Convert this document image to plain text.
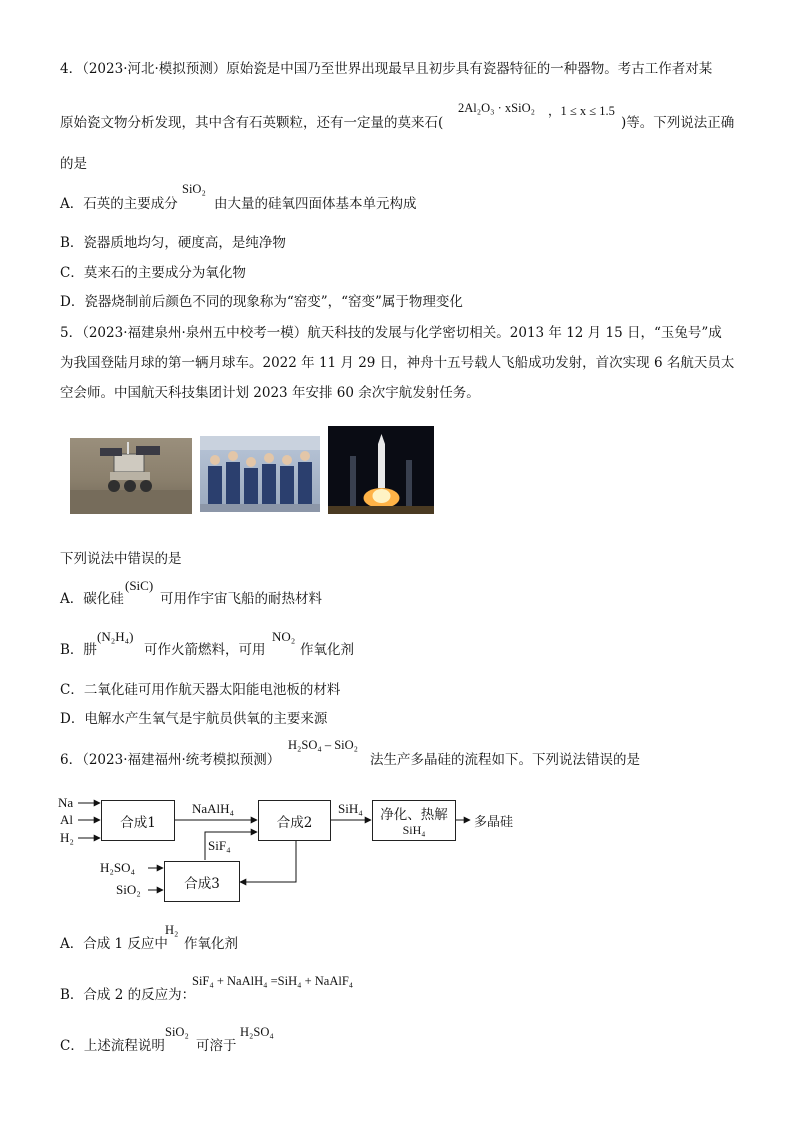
4．（2023·河北·模拟预测）原始瓷是中国乃至世界出现最早且初步具有瓷器特征的一种器物。考古工作者对某
2Al₂O₃ · xSiO₂ ，1 ≤ x ≤ 1.5
原始瓷文物分析发现，其中含有石英颗粒，还有一定量的莫来石(	)等。下列说法正确
的是
A．石英的主要成分
SiO₂
由大量的硅氧四面体基本单元构成
B．瓷器质地均匀，硬度高，是纯净物
C．莫来石的主要成分为氧化物
D．瓷器烧制前后颜色不同的现象称为“窑变”，“窑变”属于物理变化
5．（2023·福建泉州·泉州五中校考一模）航天科技的发展与化学密切相关。2013 年 12 月 15 日，“玉兔号”成
为我国登陆月球的第一辆月球车。2022 年 11 月 29 日，神舟十五号载人飞船成功发射，首次实现 6 名航天员太
空会师。中国航天科技集团计划 2023 年安排 60 余次宇航发射任务。
下列说法中错误的是
A．碳化硅
(SiC)
可用作宇宙飞船的耐热材料
B．肼
(N₂H₄)
可作火箭燃料，可用
NO₂
作氧化剂
C．二氧化硅可用作航天器太阳能电池板的材料
D．电解水产生氧气是宇航员供氧的主要来源
6．（2023·福建福州·统考模拟预测）
H₂SO₄ – SiO₂
法生产多晶硅的流程如下。下列说法错误的是
Na
Al
H₂
合成1
NaAlH₄
合成2
SiH₄ 净化、热解
SiH₄	多晶硅
SiF₄
H₂SO₄
SiO₂	合成3
A．合成 1 反应中
H₂
作氧化剂
B．合成 2 的反应为：
SiF₄ + NaAlH₄ =SiH₄ + NaAlF₄
C．上述流程说明
SiO₂
可溶于
H₂SO₄
